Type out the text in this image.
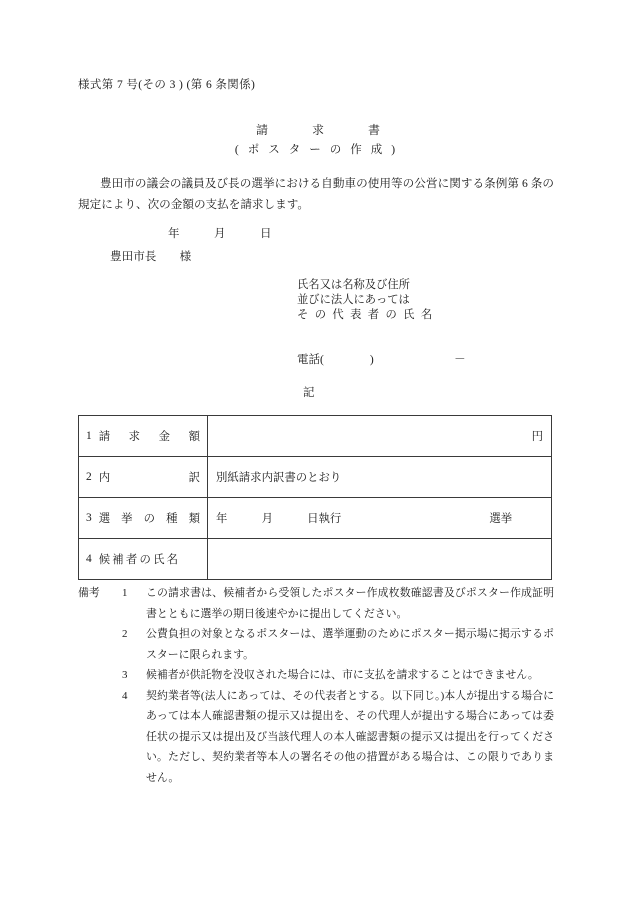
様式第 7 号(その 3 ) (第 6 条関係)
請求書
(ポスターの作成)
豊田市の議会の議員及び長の選挙における自動車の使用等の公営に関する条例第 6 条の規定により、次の金額の支払を請求します。
年　　　月　　　日
豊田市長　　様
氏名又は名称及び住所
並びに法人にあっては
その代表者の氏名
電話(　　　　)　　　　　　　－
記
1 請 求 金 額	円

2 内 訳	別紙請求内訳書のとおり

3 選 挙 の 種 類	年　　　月　　　日執行　　　　　　　　　　　　　選挙

4 候補者の氏名	

備考	1	この請求書は、候補者から受領したポスター作成枚数確認書及びポスター作成証明書とともに選挙の期日後速やかに提出してください。
2	公費負担の対象となるポスターは、選挙運動のためにポスター掲示場に掲示するポスターに限られます。
3	候補者が供託物を没収された場合には、市に支払を請求することはできません。
4	契約業者等(法人にあっては、その代表者とする。以下同じ。)本人が提出する場合にあっては本人確認書類の提示又は提出を、その代理人が提出する場合にあっては委任状の提示又は提出及び当該代理人の本人確認書類の提示又は提出を行ってください。ただし、契約業者等本人の署名その他の措置がある場合は、この限りでありません。
